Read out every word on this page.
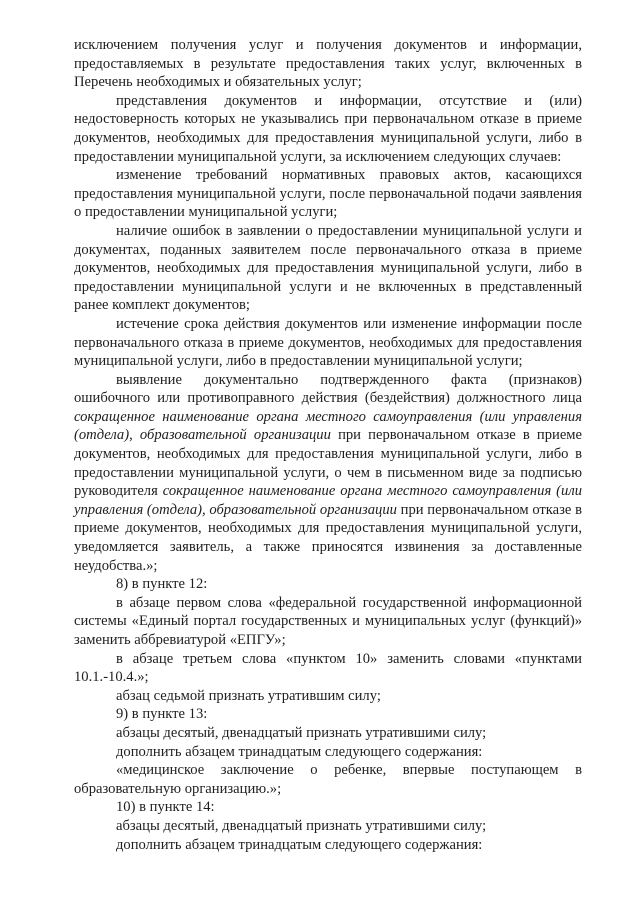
исключением получения услуг и получения документов и информации, предоставляемых в результате предоставления таких услуг, включенных в Перечень необходимых и обязательных услуг;

представления документов и информации, отсутствие и (или) недостоверность которых не указывались при первоначальном отказе в приеме документов, необходимых для предоставления муниципальной услуги, либо в предоставлении муниципальной услуги, за исключением следующих случаев:

изменение требований нормативных правовых актов, касающихся предоставления муниципальной услуги, после первоначальной подачи заявления о предоставлении муниципальной услуги;

наличие ошибок в заявлении о предоставлении муниципальной услуги и документах, поданных заявителем после первоначального отказа в приеме документов, необходимых для предоставления муниципальной услуги, либо в предоставлении муниципальной услуги и не включенных в представленный ранее комплект документов;

истечение срока действия документов или изменение информации после первоначального отказа в приеме документов, необходимых для предоставления муниципальной услуги, либо в предоставлении муниципальной услуги;

выявление документально подтвержденного факта (признаков) ошибочного или противоправного действия (бездействия) должностного лица сокращенное наименование органа местного самоуправления (или управления (отдела), образовательной организации при первоначальном отказе в приеме документов, необходимых для предоставления муниципальной услуги, либо в предоставлении муниципальной услуги, о чем в письменном виде за подписью руководителя сокращенное наименование органа местного самоуправления (или управления (отдела), образовательной организации при первоначальном отказе в приеме документов, необходимых для предоставления муниципальной услуги, уведомляется заявитель, а также приносятся извинения за доставленные неудобства.»;

8) в пункте 12:

в абзаце первом слова «федеральной государственной информационной системы «Единый портал государственных и муниципальных услуг (функций)» заменить аббревиатурой «ЕПГУ»;

в абзаце третьем слова «пунктом 10» заменить словами «пунктами 10.1.-10.4.»;

абзац седьмой признать утратившим силу;

9) в пункте 13:

абзацы десятый, двенадцатый признать утратившими силу;

дополнить абзацем тринадцатым следующего содержания:

«медицинское заключение о ребенке, впервые поступающем в образовательную организацию.»;

10) в пункте 14:

абзацы десятый, двенадцатый признать утратившими силу;

дополнить абзацем тринадцатым следующего содержания:
